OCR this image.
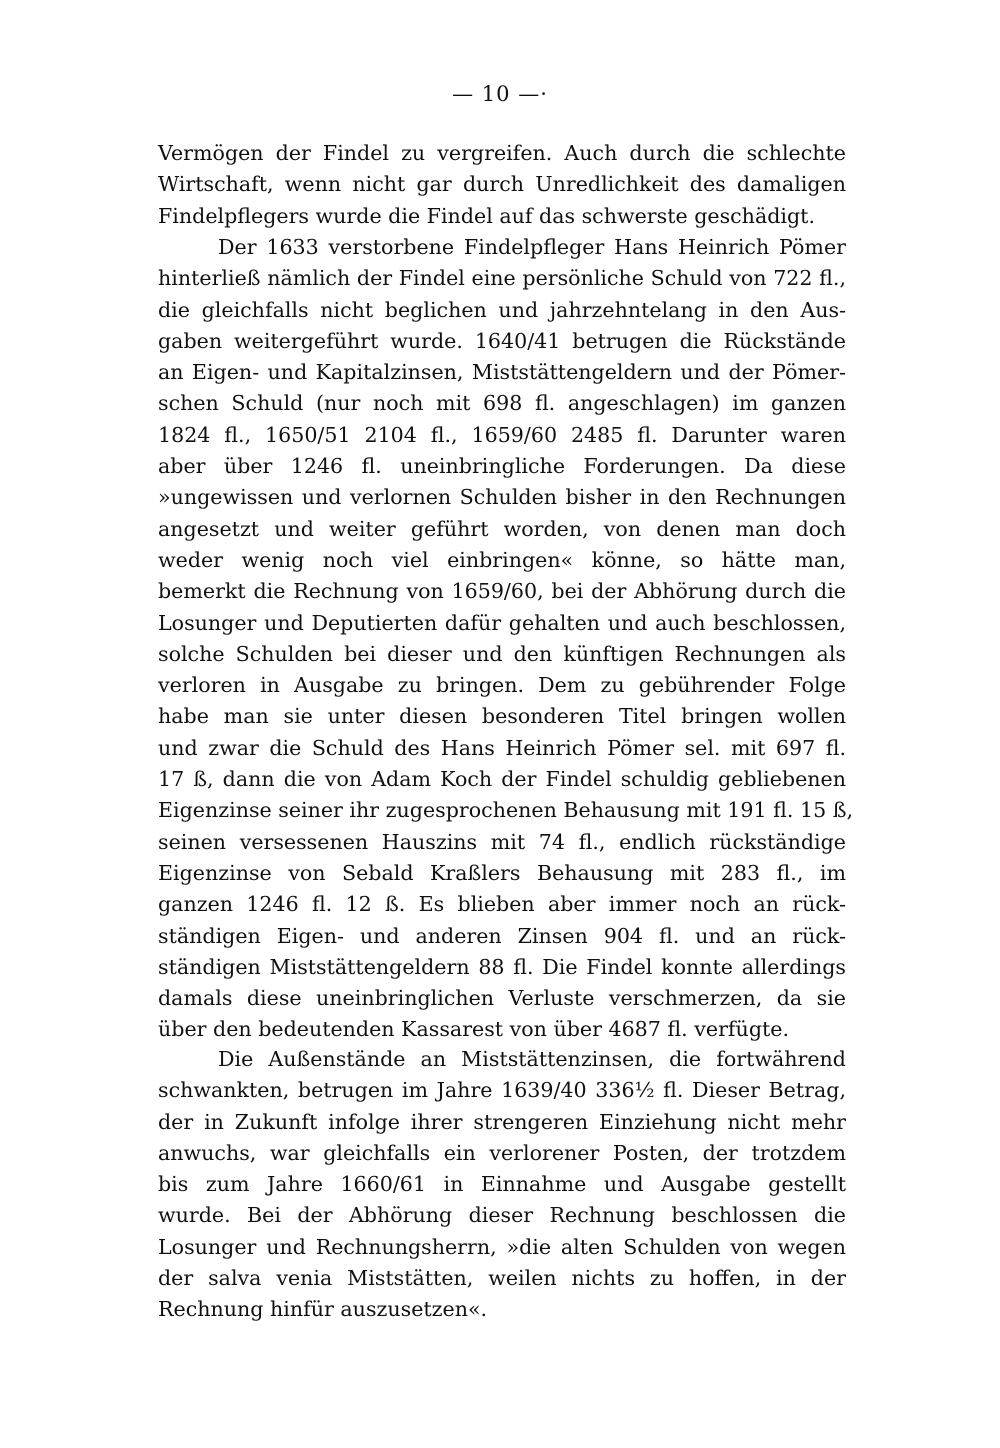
— 10 —·
Vermögen der Findel zu vergreifen. Auch durch die schlechte
Wirtschaft, wenn nicht gar durch Unredlichkeit des damaligen
Findelpflegers wurde die Findel auf das schwerste geschädigt.
Der 1633 verstorbene Findelpfleger Hans Heinrich Pömer
hinterließ nämlich der Findel eine persönliche Schuld von 722 fl.,
die gleichfalls nicht beglichen und jahrzehntelang in den Aus-
gaben weitergeführt wurde. 1640/41 betrugen die Rückstände
an Eigen- und Kapitalzinsen, Miststättengeldern und der Pömer-
schen Schuld (nur noch mit 698 fl. angeschlagen) im ganzen
1824 fl., 1650/51 2104 fl., 1659/60 2485 fl. Darunter waren
aber über 1246 fl. uneinbringliche Forderungen. Da diese
»ungewissen und verlornen Schulden bisher in den Rechnungen
angesetzt und weiter geführt worden, von denen man doch
weder wenig noch viel einbringen« könne, so hätte man,
bemerkt die Rechnung von 1659/60, bei der Abhörung durch die
Losunger und Deputierten dafür gehalten und auch beschlossen,
solche Schulden bei dieser und den künftigen Rechnungen als
verloren in Ausgabe zu bringen. Dem zu gebührender Folge
habe man sie unter diesen besonderen Titel bringen wollen
und zwar die Schuld des Hans Heinrich Pömer sel. mit 697 fl.
17 ß, dann die von Adam Koch der Findel schuldig gebliebenen
Eigenzinse seiner ihr zugesprochenen Behausung mit 191 fl. 15 ß,
seinen versessenen Hauszins mit 74 fl., endlich rückständige
Eigenzinse von Sebald Kraßlers Behausung mit 283 fl., im
ganzen 1246 fl. 12 ß. Es blieben aber immer noch an rück-
ständigen Eigen- und anderen Zinsen 904 fl. und an rück-
ständigen Miststättengeldern 88 fl. Die Findel konnte allerdings
damals diese uneinbringlichen Verluste verschmerzen, da sie
über den bedeutenden Kassarest von über 4687 fl. verfügte.
Die Außenstände an Miststättenzinsen, die fortwährend
schwankten, betrugen im Jahre 1639/40 336½ fl. Dieser Betrag,
der in Zukunft infolge ihrer strengeren Einziehung nicht mehr
anwuchs, war gleichfalls ein verlorener Posten, der trotzdem
bis zum Jahre 1660/61 in Einnahme und Ausgabe gestellt
wurde. Bei der Abhörung dieser Rechnung beschlossen die
Losunger und Rechnungsherrn, »die alten Schulden von wegen
der salva venia Miststätten, weilen nichts zu hoffen, in der
Rechnung hinfür auszusetzen«.
